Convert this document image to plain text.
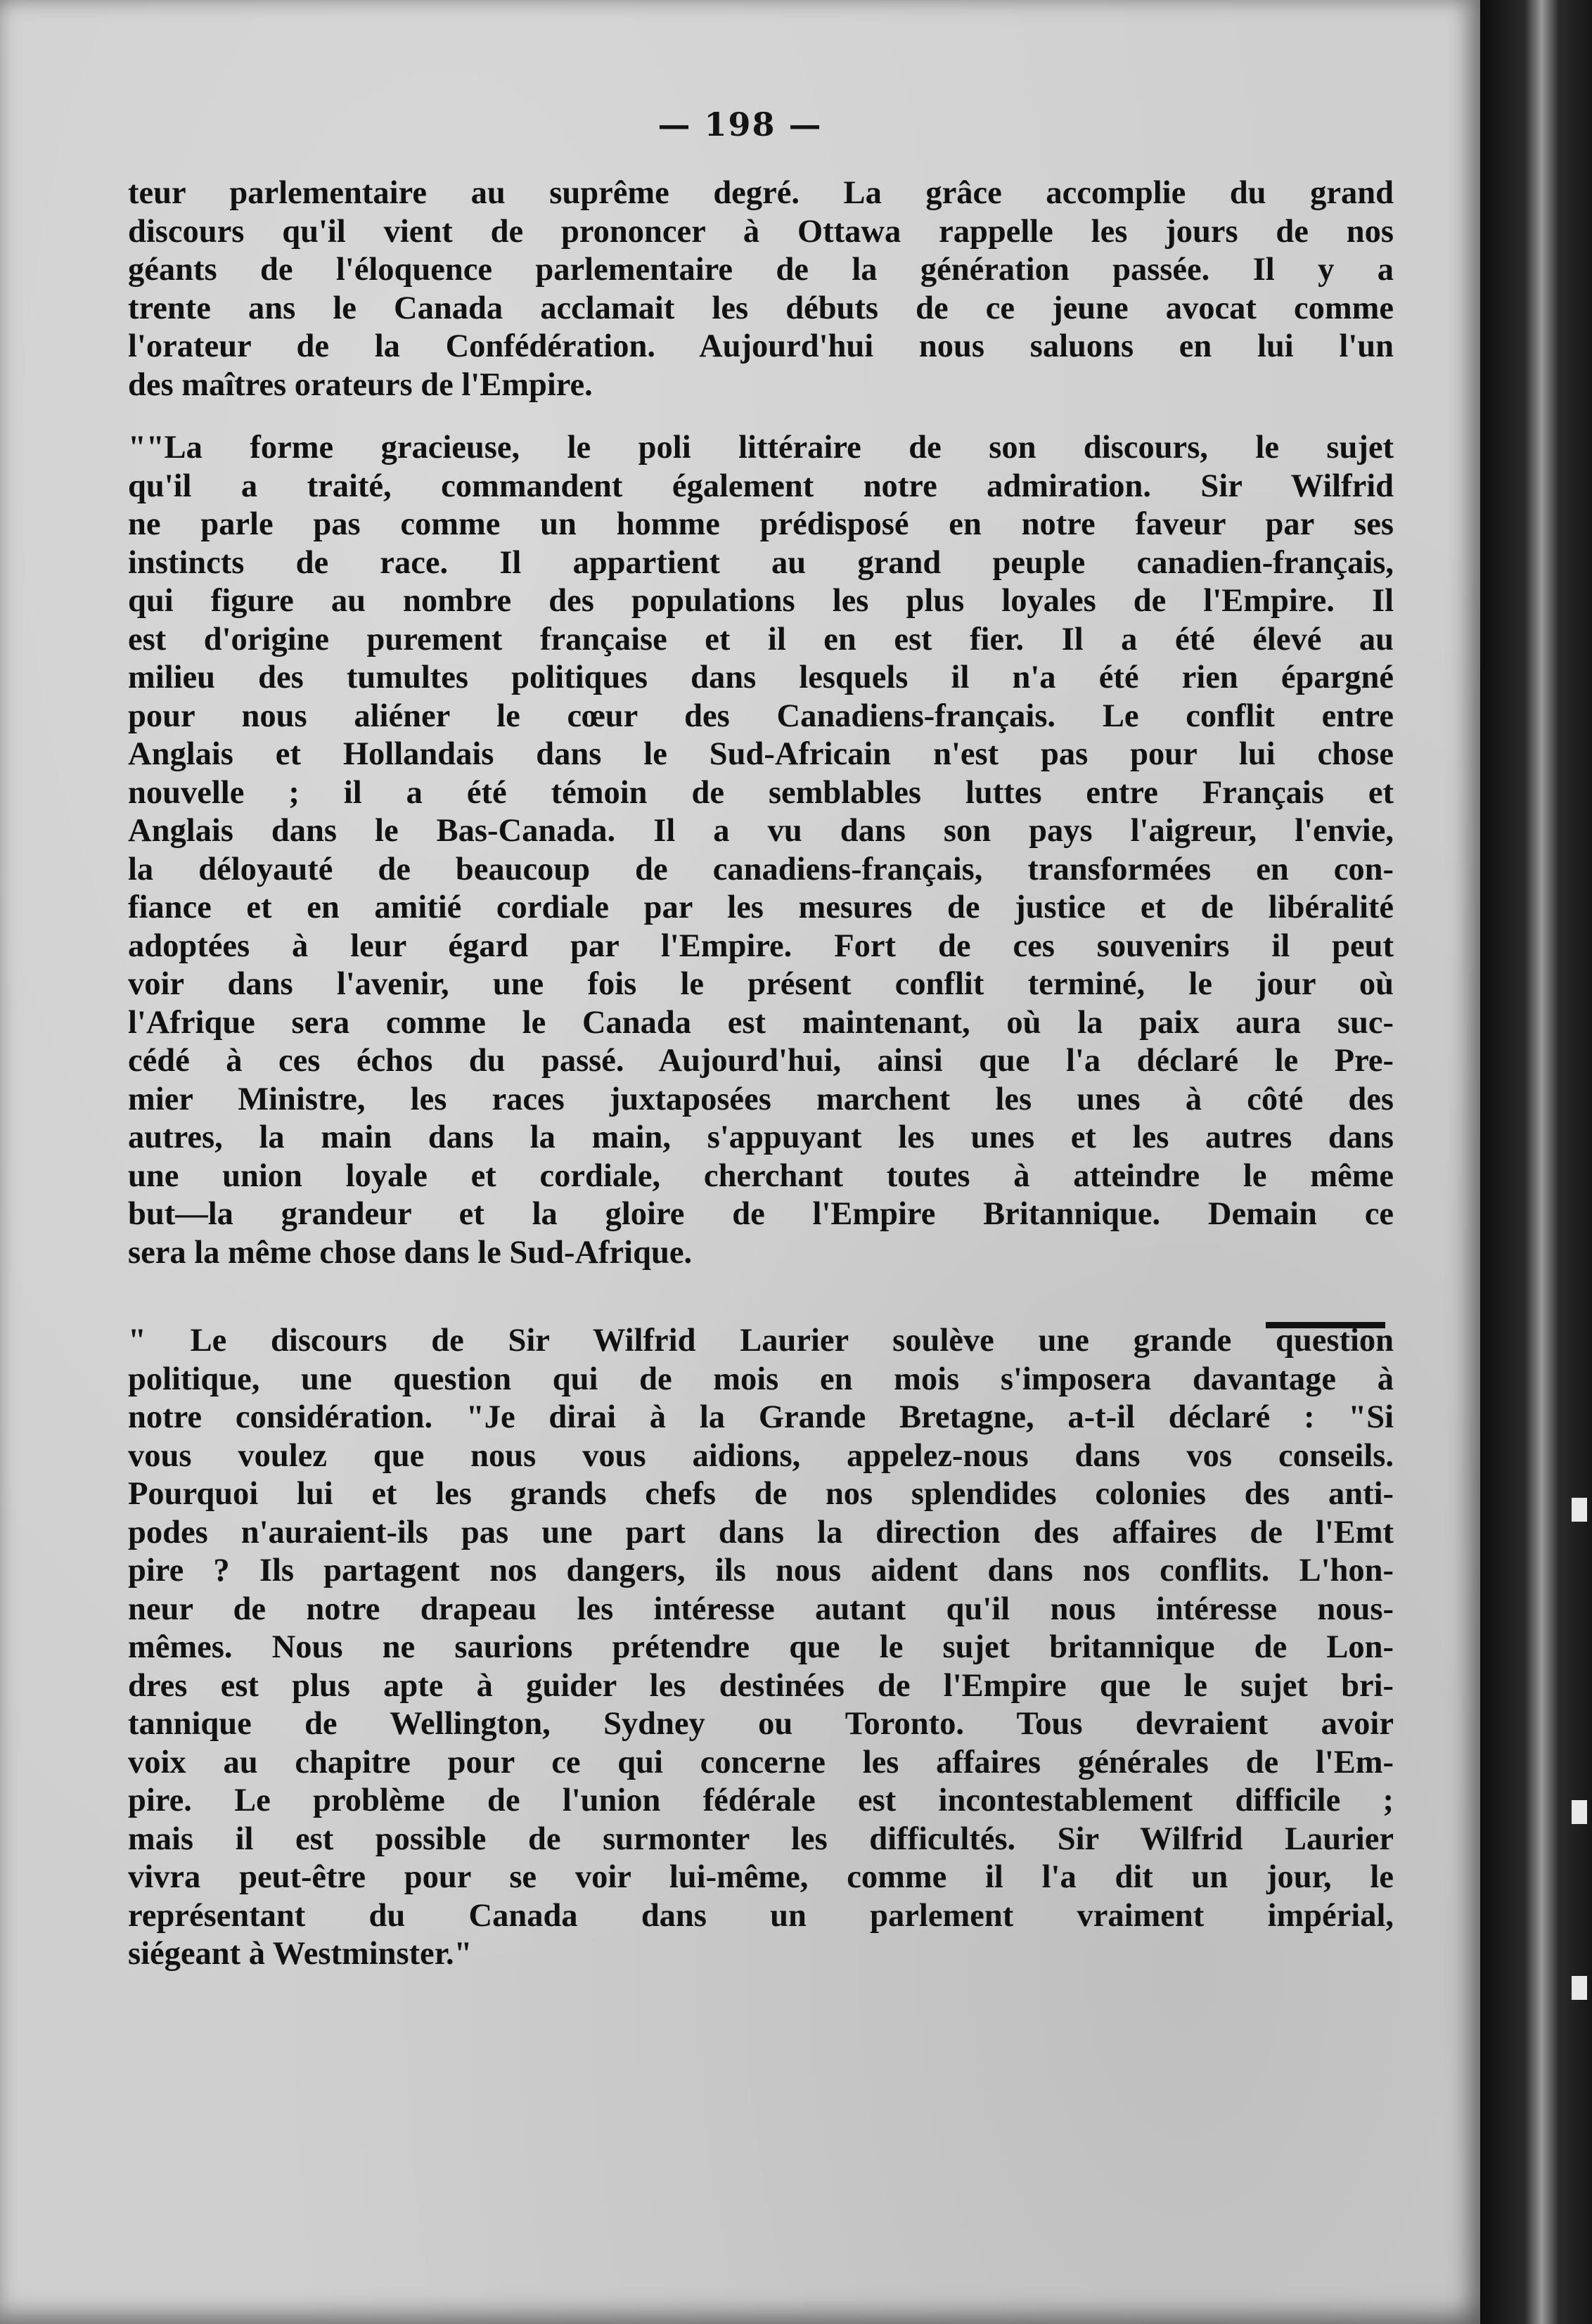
— 198 —
teur parlementaire au suprême degré. La grâce accomplie du grand
discours qu'il vient de prononcer à Ottawa rappelle les jours de nos
géants de l'éloquence parlementaire de la génération passée. Il y a
trente ans le Canada acclamait les débuts de ce jeune avocat comme
l'orateur de la Confédération. Aujourd'hui nous saluons en lui l'un
des maîtres orateurs de l'Empire.
""La forme gracieuse, le poli littéraire de son discours, le sujet
qu'il a traité, commandent également notre admiration. Sir Wilfrid
ne parle pas comme un homme prédisposé en notre faveur par ses
instincts de race. Il appartient au grand peuple canadien-français,
qui figure au nombre des populations les plus loyales de l'Empire. Il
est d'origine purement française et il en est fier. Il a été élevé au
milieu des tumultes politiques dans lesquels il n'a été rien épargné
pour nous aliéner le cœur des Canadiens-français. Le conflit entre
Anglais et Hollandais dans le Sud-Africain n'est pas pour lui chose
nouvelle ; il a été témoin de semblables luttes entre Français et
Anglais dans le Bas-Canada. Il a vu dans son pays l'aigreur, l'envie,
la déloyauté de beaucoup de canadiens-français, transformées en con-
fiance et en amitié cordiale par les mesures de justice et de libéralité
adoptées à leur égard par l'Empire. Fort de ces souvenirs il peut
voir dans l'avenir, une fois le présent conflit terminé, le jour où
l'Afrique sera comme le Canada est maintenant, où la paix aura suc-
cédé à ces échos du passé. Aujourd'hui, ainsi que l'a déclaré le Pre-
mier Ministre, les races juxtaposées marchent les unes à côté des
autres, la main dans la main, s'appuyant les unes et les autres dans
une union loyale et cordiale, cherchant toutes à atteindre le même
but—la grandeur et la gloire de l'Empire Britannique. Demain ce
sera la même chose dans le Sud-Afrique.
" Le discours de Sir Wilfrid Laurier soulève une grande question
politique, une question qui de mois en mois s'imposera davantage à
notre considération. "Je dirai à la Grande Bretagne, a-t-il déclaré : "Si
vous voulez que nous vous aidions, appelez-nous dans vos conseils.
Pourquoi lui et les grands chefs de nos splendides colonies des anti-
podes n'auraient-ils pas une part dans la direction des affaires de l'Emt
pire ? Ils partagent nos dangers, ils nous aident dans nos conflits. L'hon-
neur de notre drapeau les intéresse autant qu'il nous intéresse nous-
mêmes. Nous ne saurions prétendre que le sujet britannique de Lon-
dres est plus apte à guider les destinées de l'Empire que le sujet bri-
tannique de Wellington, Sydney ou Toronto. Tous devraient avoir
voix au chapitre pour ce qui concerne les affaires générales de l'Em-
pire. Le problème de l'union fédérale est incontestablement difficile ;
mais il est possible de surmonter les difficultés. Sir Wilfrid Laurier
vivra peut-être pour se voir lui-même, comme il l'a dit un jour, le
représentant du Canada dans un parlement vraiment impérial,
siégeant à Westminster."
